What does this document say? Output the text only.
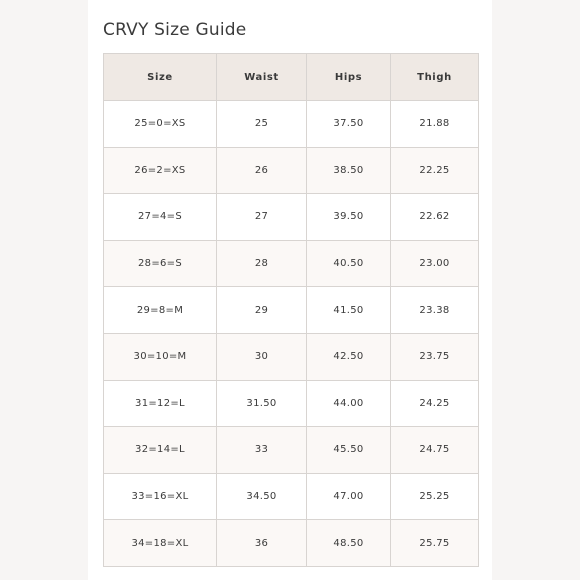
CRVY Size Guide
Size	Waist	Hips	Thigh
25=0=XS	25	37.50	21.88
26=2=XS	26	38.50	22.25
27=4=S	27	39.50	22.62
28=6=S	28	40.50	23.00
29=8=M	29	41.50	23.38
30=10=M	30	42.50	23.75
31=12=L	31.50	44.00	24.25
32=14=L	33	45.50	24.75
33=16=XL	34.50	47.00	25.25
34=18=XL	36	48.50	25.75
